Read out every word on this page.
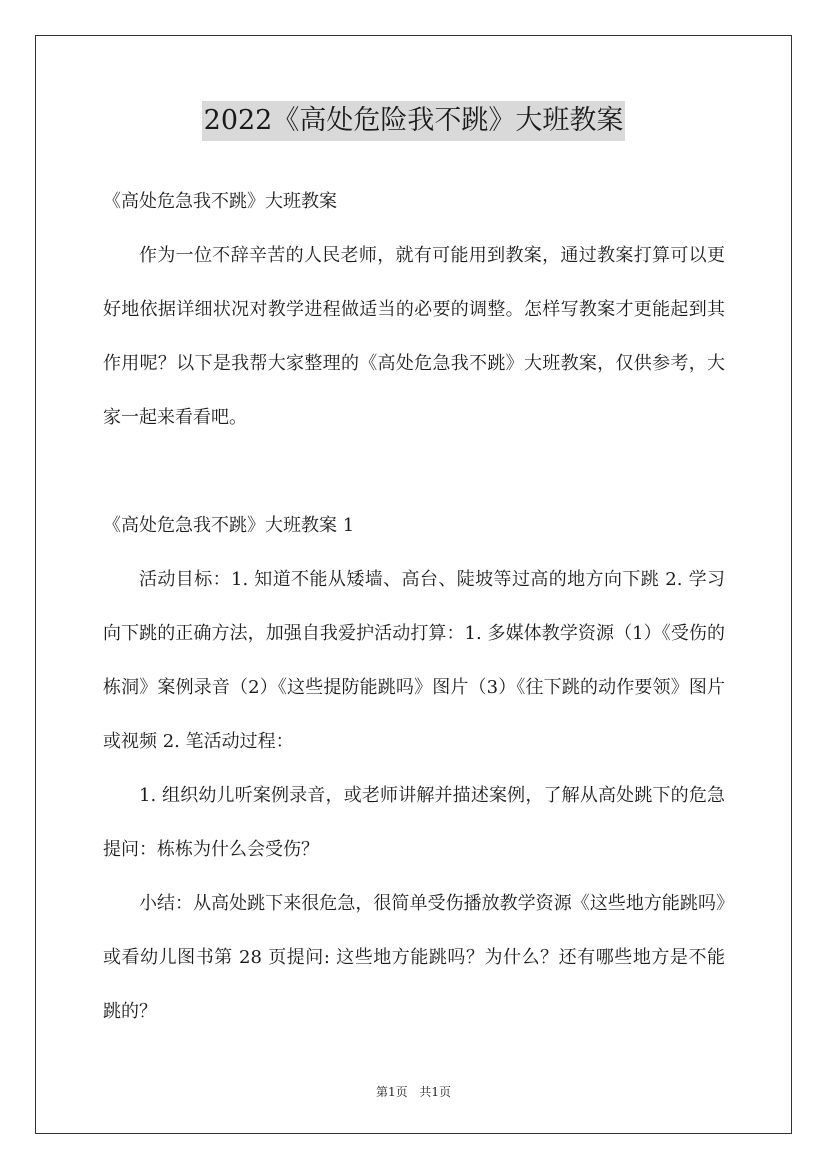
2022《高处危险我不跳》大班教案

《高处危急我不跳》大班教案

作为一位不辞辛苦的人民老师，就有可能用到教案，通过教案打算可以更好地依据详细状况对教学进程做适当的必要的调整。怎样写教案才更能起到其作用呢？以下是我帮大家整理的《高处危急我不跳》大班教案，仅供参考，大家一起来看看吧。

《高处危急我不跳》大班教案 1

活动目标：1. 知道不能从矮墙、高台、陡坡等过高的地方向下跳 2. 学习向下跳的正确方法，加强自我爱护活动打算：1. 多媒体教学资源（1）《受伤的栋洞》案例录音（2）《这些提防能跳吗》图片（3）《往下跳的动作要领》图片或视频 2. 笔活动过程：

1. 组织幼儿听案例录音，或老师讲解并描述案例，了解从高处跳下的危急提问：栋栋为什么会受伤？

小结：从高处跳下来很危急，很简单受伤播放教学资源《这些地方能跳吗》或看幼儿图书第 28 页提问: 这些地方能跳吗？为什么？还有哪些地方是不能跳的？

第1页 共1页
